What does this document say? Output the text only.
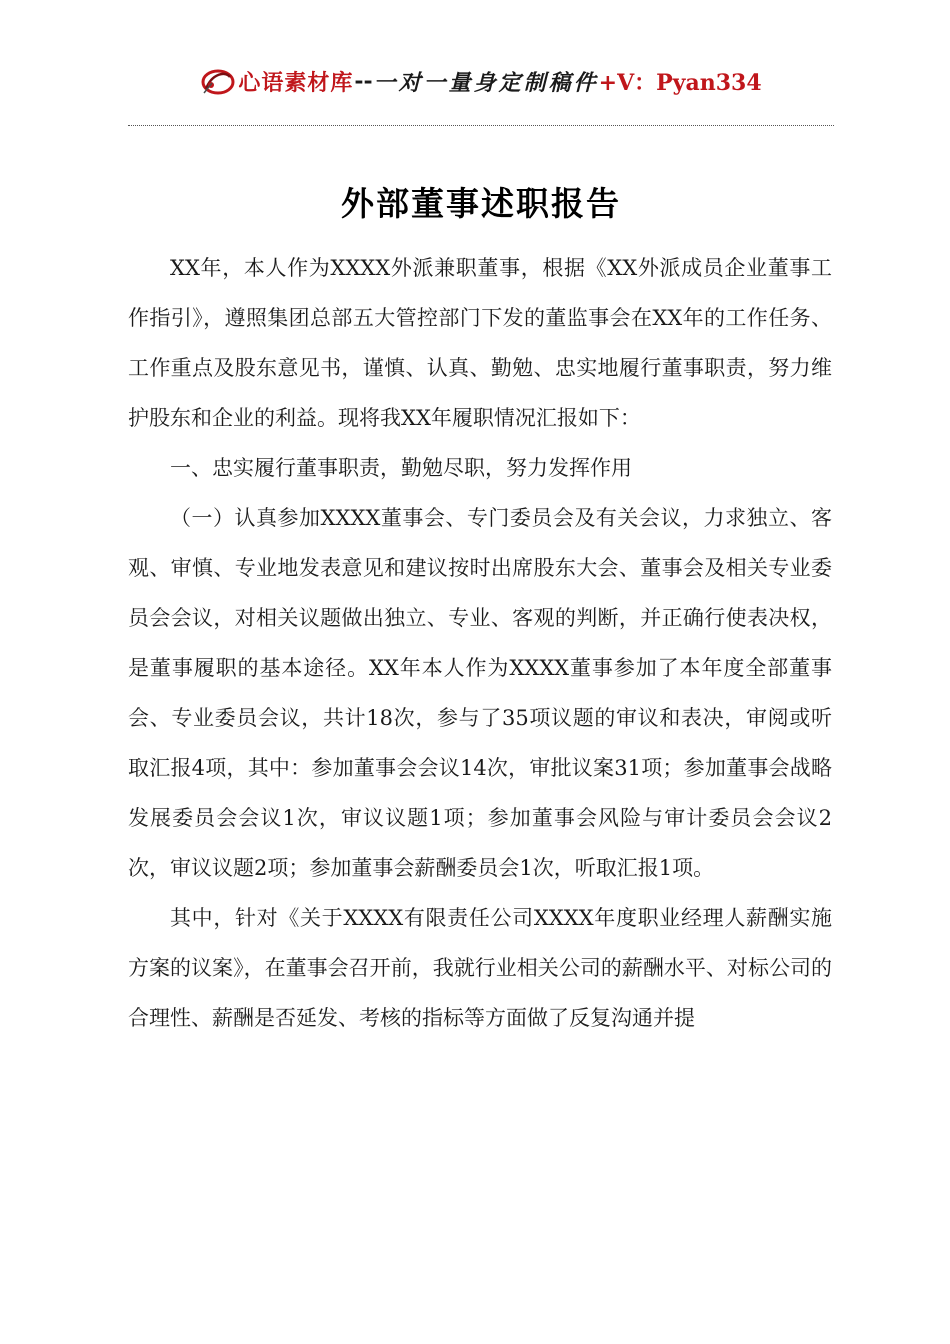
心语素材库 -- 一对一量身定制稿件 +V：Pyan334
外部董事述职报告

XX年，本人作为XXXX外派兼职董事，根据《XX外派成员企业董事工作指引》，遵照集团总部五大管控部门下发的董监事会在XX年的工作任务、工作重点及股东意见书，谨慎、认真、勤勉、忠实地履行董事职责，努力维护股东和企业的利益。现将我XX年履职情况汇报如下：

一、忠实履行董事职责，勤勉尽职，努力发挥作用

（一）认真参加XXXX董事会、专门委员会及有关会议，力求独立、客观、审慎、专业地发表意见和建议按时出席股东大会、董事会及相关专业委员会会议，对相关议题做出独立、专业、客观的判断，并正确行使表决权，是董事履职的基本途径。XX年本人作为XXXX董事参加了本年度全部董事会、专业委员会议，共计18次，参与了35项议题的审议和表决，审阅或听取汇报4项，其中：参加董事会会议14次，审批议案31项；参加董事会战略发展委员会会议1次，审议议题1项；参加董事会风险与审计委员会会议2次，审议议题2项；参加董事会薪酬委员会1次，听取汇报1项。

其中，针对《关于XXXX有限责任公司XXXX年度职业经理人薪酬实施方案的议案》，在董事会召开前，我就行业相关公司的薪酬水平、对标公司的合理性、薪酬是否延发、考核的指标等方面做了反复沟通并提
